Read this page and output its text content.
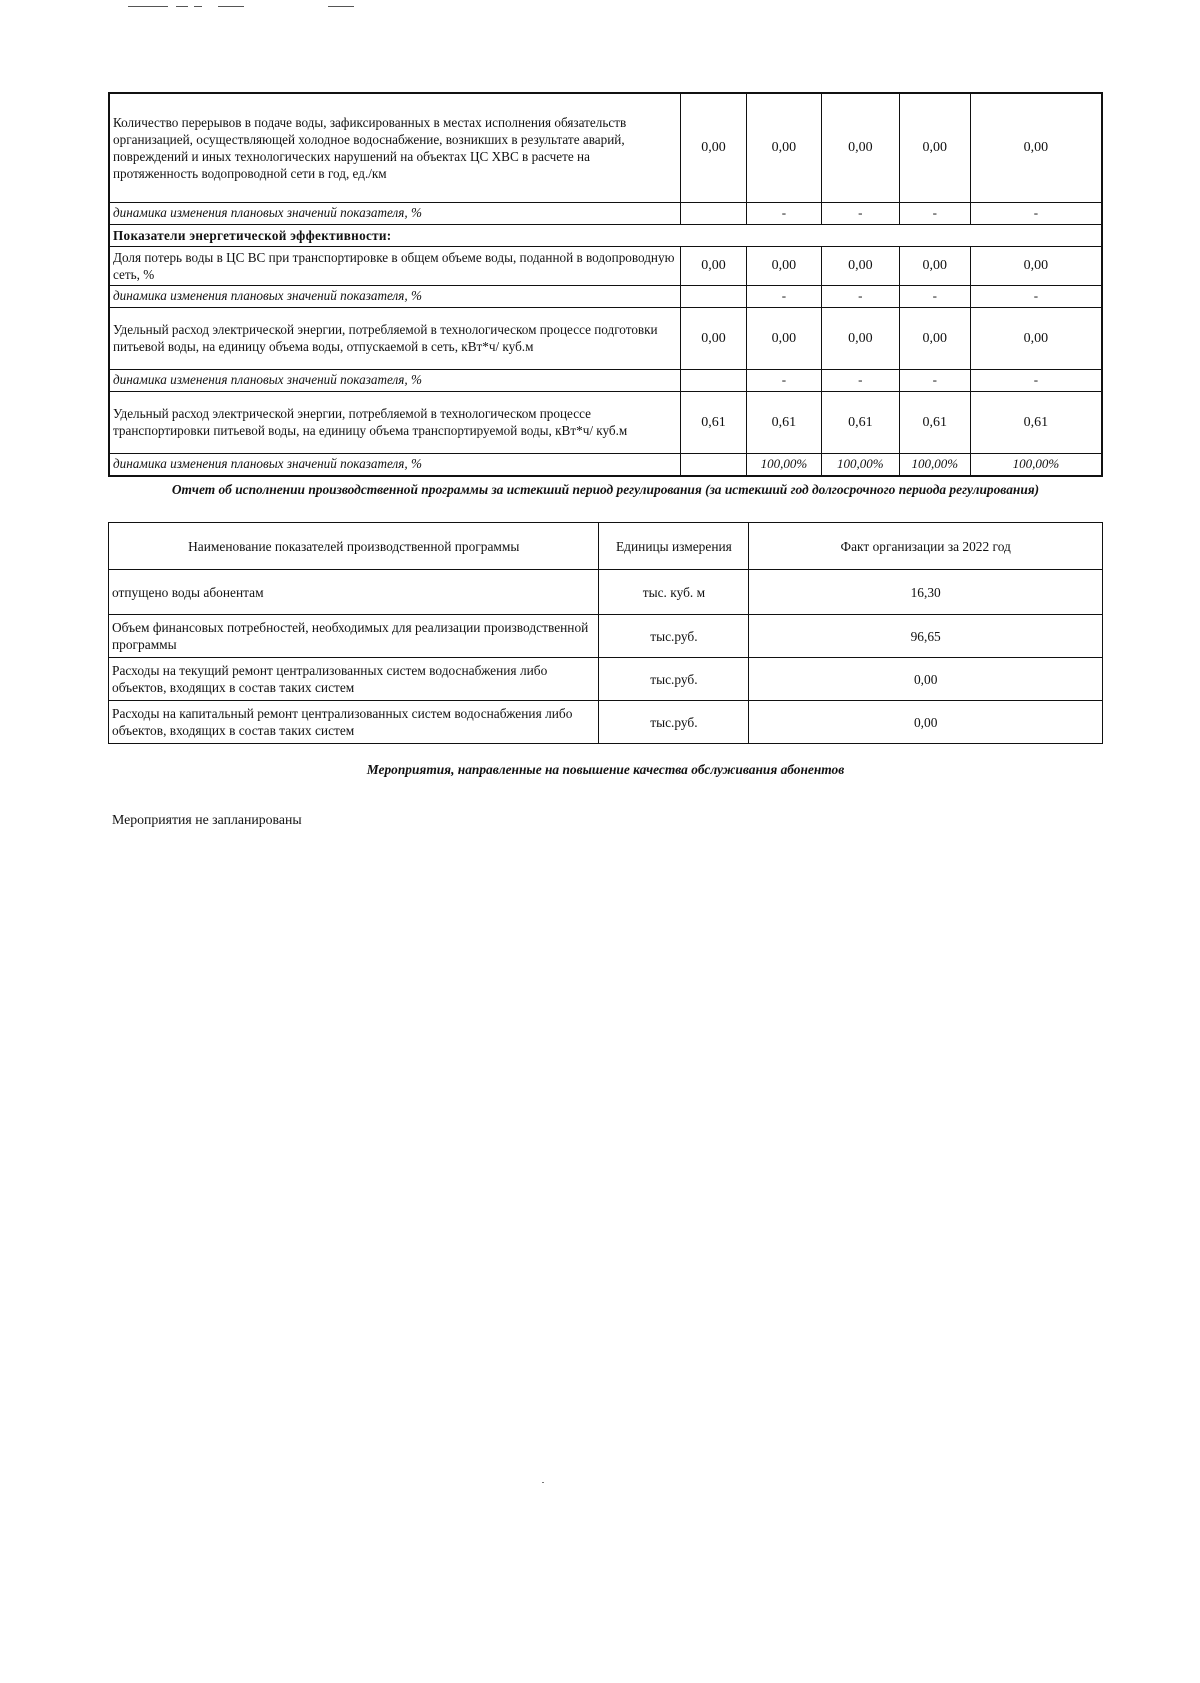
Количество перерывов в подаче воды, зафиксированных в местах исполнения обязательств организацией, осуществляющей холодное водоснабжение, возникших в результате аварий, повреждений и иных технологических нарушений на объектах ЦС ХВС в расчете на протяженность водопроводной сети в год, ед./км	0,00	0,00	0,00	0,00	0,00
динамика изменения плановых значений показателя, %		-	-	-	-
Показатели энергетической эффективности:					
Доля потерь воды в ЦС ВС при транспортировке в общем объеме воды, поданной в водопроводную сеть, %	0,00	0,00	0,00	0,00	0,00
динамика изменения плановых значений показателя, %		-	-	-	-
Удельный расход электрической энергии, потребляемой в технологическом процессе подготовки питьевой воды, на единицу объема воды, отпускаемой в сеть, кВт*ч/ куб.м	0,00	0,00	0,00	0,00	0,00
динамика изменения плановых значений показателя, %		-	-	-	-
Удельный расход электрической энергии, потребляемой в технологическом процессе транспортировки питьевой воды, на единицу объема транспортируемой воды, кВт*ч/ куб.м	0,61	0,61	0,61	0,61	0,61
динамика изменения плановых значений показателя, %		100,00%	100,00%	100,00%	100,00%
Отчет об исполнении производственной программы за истекший период регулирования (за истекший год долгосрочного периода регулирования)
Наименование показателей производственной программы	Единицы измерения	Факт организации за 2022 год
отпущено воды абонентам	тыс. куб. м	16,30
Объем финансовых потребностей, необходимых для реализации производственной программы	тыс.руб.	96,65
Расходы на текущий ремонт централизованных систем водоснабжения либо объектов, входящих в состав таких систем	тыс.руб.	0,00
Расходы на капитальный ремонт централизованных систем водоснабжения либо объектов, входящих в состав таких систем	тыс.руб.	0,00
Мероприятия, направленные на повышение качества обслуживания абонентов
Мероприятия не запланированы
